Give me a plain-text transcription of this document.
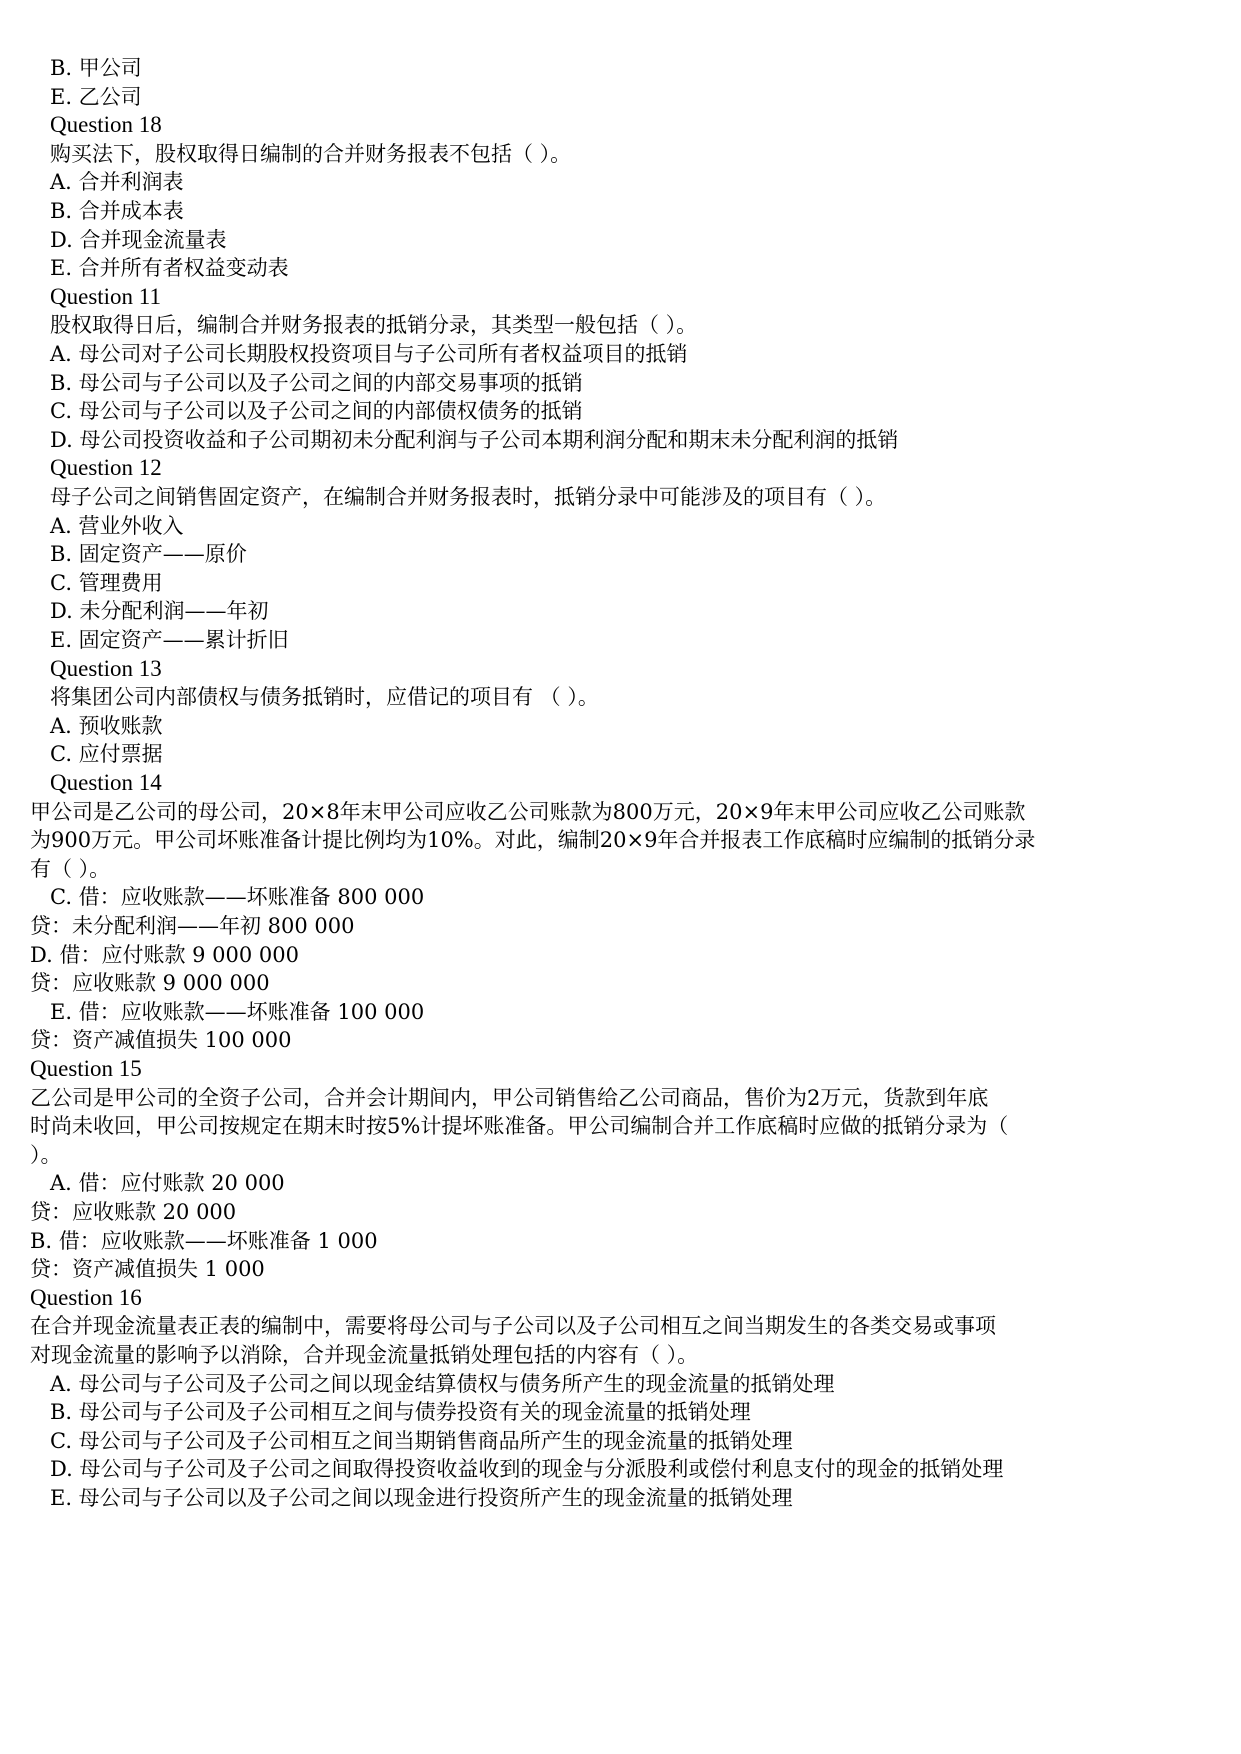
B. 甲公司
E. 乙公司
Question 18
购买法下，股权取得日编制的合并财务报表不包括（ ）。
A. 合并利润表
B. 合并成本表
D. 合并现金流量表
E. 合并所有者权益变动表
Question 11
股权取得日后，编制合并财务报表的抵销分录，其类型一般包括（ ）。
A. 母公司对子公司长期股权投资项目与子公司所有者权益项目的抵销
B. 母公司与子公司以及子公司之间的内部交易事项的抵销
C. 母公司与子公司以及子公司之间的内部债权债务的抵销
D. 母公司投资收益和子公司期初未分配利润与子公司本期利润分配和期末未分配利润的抵销
Question 12
母子公司之间销售固定资产，在编制合并财务报表时，抵销分录中可能涉及的项目有（ ）。
A. 营业外收入
B. 固定资产——原价
C. 管理费用
D. 未分配利润——年初
E. 固定资产——累计折旧
Question 13
将集团公司内部债权与债务抵销时，应借记的项目有 （ ）。
A. 预收账款
C. 应付票据
Question 14
甲公司是乙公司的母公司，20×8年末甲公司应收乙公司账款为800万元，20×9年末甲公司应收乙公司账款
为900万元。甲公司坏账准备计提比例均为10%。对此，编制20×9年合并报表工作底稿时应编制的抵销分录
有（ ）。
C. 借：应收账款——坏账准备 800 000
贷：未分配利润——年初 800 000
D. 借：应付账款 9 000 000
贷：应收账款 9 000 000
E. 借：应收账款——坏账准备 100 000
贷：资产减值损失 100 000
Question 15
乙公司是甲公司的全资子公司，合并会计期间内，甲公司销售给乙公司商品，售价为2万元，货款到年底
时尚未收回，甲公司按规定在期末时按5%计提坏账准备。甲公司编制合并工作底稿时应做的抵销分录为（
）。
A. 借：应付账款 20 000
贷：应收账款 20 000
B. 借：应收账款——坏账准备 1 000
贷：资产减值损失 1 000
Question 16
在合并现金流量表正表的编制中，需要将母公司与子公司以及子公司相互之间当期发生的各类交易或事项
对现金流量的影响予以消除，合并现金流量抵销处理包括的内容有（ ）。
A. 母公司与子公司及子公司之间以现金结算债权与债务所产生的现金流量的抵销处理
B. 母公司与子公司及子公司相互之间与债券投资有关的现金流量的抵销处理
C. 母公司与子公司及子公司相互之间当期销售商品所产生的现金流量的抵销处理
D. 母公司与子公司及子公司之间取得投资收益收到的现金与分派股利或偿付利息支付的现金的抵销处理
E. 母公司与子公司以及子公司之间以现金进行投资所产生的现金流量的抵销处理
